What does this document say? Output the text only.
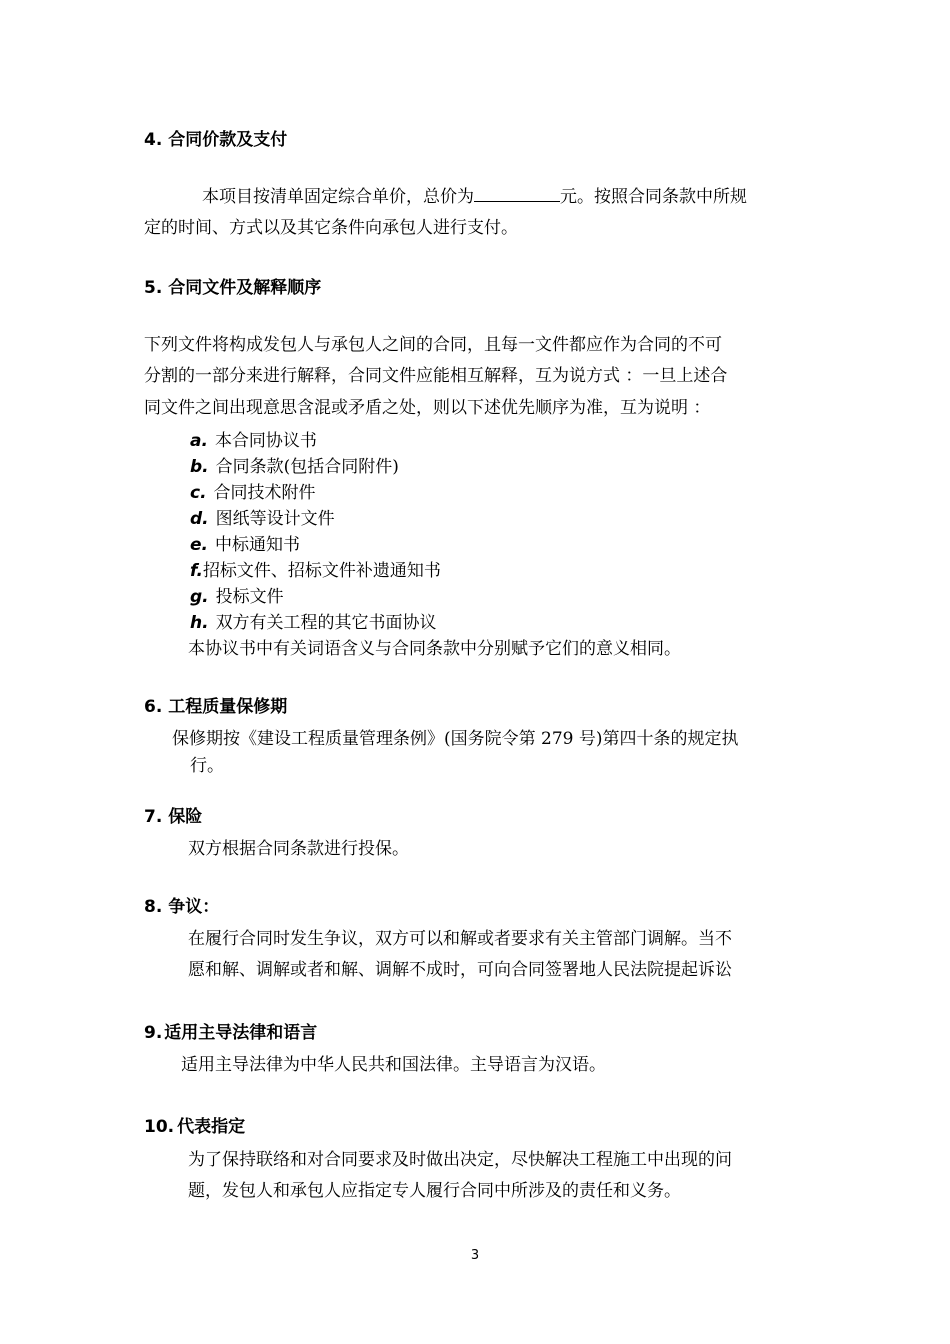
4. 合同价款及支付
本项目按清单固定综合单价，总价为	元。按照合同条款中所规
定的时间、方式以及其它条件向承包人进行支付。
5. 合同文件及解释顺序
下列文件将构成发包人与承包人之间的合同，且每一文件都应作为合同的不可
分割的一部分来进行解释，合同文件应能相互解释，互为说方式 ：一旦上述合
同文件之间出现意思含混或矛盾之处，则以下述优先顺序为准，互为说明 ：
a. 本合同协议书
b. 合同条款(包括合同附件)
c. 合同技术附件
d. 图纸等设计文件
e. 中标通知书
f.招标文件、招标文件补遗通知书
g. 投标文件
h. 双方有关工程的其它书面协议
本协议书中有关词语含义与合同条款中分别赋予它们的意义相同。
6. 工程质量保修期
保修期按《建设工程质量管理条例》(国务院令第 279 号)第四十条的规定执
行。
7. 保险
双方根据合同条款进行投保。
8. 争议：
在履行合同时发生争议，双方可以和解或者要求有关主管部门调解。当不
愿和解、调解或者和解、调解不成时，可向合同签署地人民法院提起诉讼
9. 适用主导法律和语言
适用主导法律为中华人民共和国法律。主导语言为汉语。
10. 代表指定
为了保持联络和对合同要求及时做出决定，尽快解决工程施工中出现的问
题，发包人和承包人应指定专人履行合同中所涉及的责任和义务。
3
